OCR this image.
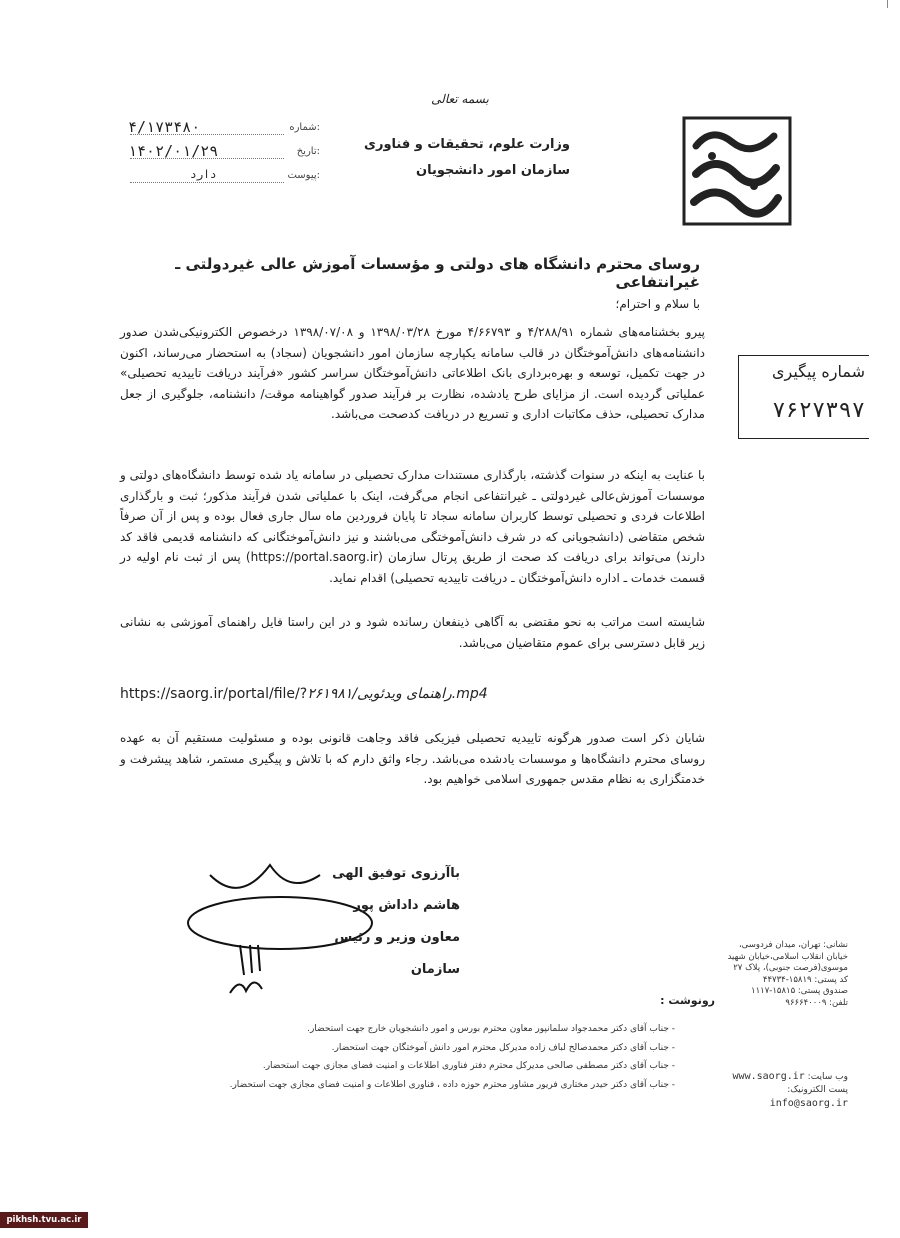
بسمه تعالی
وزارت علوم، تحقیقات و فناوری
سازمان امور دانشجویان
شماره:
۴/۱۷۳۴۸۰
تاریخ:
۱۴۰۲/۰۱/۲۹
پیوست:
دارد
روسای محترم دانشگاه های دولتی و مؤسسات آموزش عالی غیردولتی ـ غیرانتفاعی
با سلام و احترام؛
شماره پیگیری
۷۶۲۷۳۹۷
پیرو بخشنامه‌های شماره ۴/۲۸۸/۹۱ و ۴/۶۶۷۹۳ مورخ ۱۳۹۸/۰۳/۲۸ و ۱۳۹۸/۰۷/۰۸ درخصوص الکترونیکی‌شدن صدور دانشنامه‌های دانش‌آموختگان در قالب سامانه یکپارچه سازمان امور دانشجویان (سجاد) به استحضار می‌رساند، اکنون در جهت تکمیل، توسعه و بهره‌برداری بانک اطلاعاتی دانش‌آموختگان سراسر کشور «فرآیند دریافت تاییدیه تحصیلی» عملیاتی گردیده است. از مزایای طرح یادشده، نظارت بر فرآیند صدور گواهینامه موقت/ دانشنامه، جلوگیری از جعل مدارک تحصیلی، حذف مکاتبات اداری و تسریع در دریافت کدصحت می‌باشد.
با عنایت به اینکه در سنوات گذشته، بارگذاری مستندات مدارک تحصیلی در سامانه یاد شده توسط دانشگاه‌های دولتی و موسسات آموزش‌عالی غیردولتی ـ غیرانتفاعی انجام می‌گرفت، اینک با عملیاتی شدن فرآیند مذکور؛ ثبت و بارگذاری اطلاعات فردی و تحصیلی توسط کاربران سامانه سجاد تا پایان فروردین ماه سال جاری فعال بوده و پس از آن صرفاً شخص متقاضی (دانشجویانی که در شرف دانش‌آموختگی می‌باشند و نیز دانش‌آموختگانی که دانشنامه قدیمی فاقد کد دارند) می‌تواند برای دریافت کد صحت از طریق پرتال سازمان (https://portal.saorg.ir) پس از ثبت نام اولیه در قسمت خدمات ـ اداره دانش‌آموختگان ـ دریافت تاییدیه تحصیلی) اقدام نماید.
شایسته است مراتب به نحو مقتضی به آگاهی ذینفعان رسانده شود و در این راستا فایل راهنمای آموزشی به نشانی زیر قابل دسترسی برای عموم متقاضیان می‌باشد.
https://saorg.ir/portal/file/?۲۶۱۹۸۱/راهنمای ویدئویی.mp4
شایان ذکر است صدور هرگونه تاییدیه تحصیلی فیزیکی فاقد وجاهت قانونی بوده و مسئولیت مستقیم آن به عهده روسای محترم دانشگاه‌ها و موسسات یادشده می‌باشد. رجاء واثق دارم که با تلاش و پیگیری مستمر، شاهد پیشرفت و خدمتگزاری به نظام مقدس جمهوری اسلامی خواهیم بود.
باآرزوی توفیق الهی
هاشم داداش پور
معاون وزیر و رئیس سازمان
رونوشت :
- جناب آقای دکتر محمدجواد سلمانپور معاون محترم بورس و امور دانشجویان خارج جهت استحضار.
- جناب آقای دکتر محمدصالح لباف زاده مدیرکل محترم امور دانش آموختگان جهت استحضار.
- جناب آقای دکتر مصطفی صالحی مدیرکل محترم دفتر فناوری اطلاعات و امنیت فضای مجازی جهت استحضار.
- جناب آقای دکتر حیدر مختاری فریور مشاور محترم حوزه داده ، فناوری اطلاعات و امنیت فضای مجازی جهت استحضار.
نشانی: تهران، میدان فردوسی،
خیابان انقلاب اسلامی،خیابان شهید
موسوی(فرصت جنوبی)، پلاک ۲۷
کد پستی: ۱۵۸۱۹-۴۴۷۳۴
صندوق پستی: ۱۵۸۱۵-۱۱۱۷
تلفن: ۹۶۶۶۴۰۰۰۹
وب سایت: www.saorg.ir
پست الکترونیک: info@saorg.ir
pikhsh.tvu.ac.ir
